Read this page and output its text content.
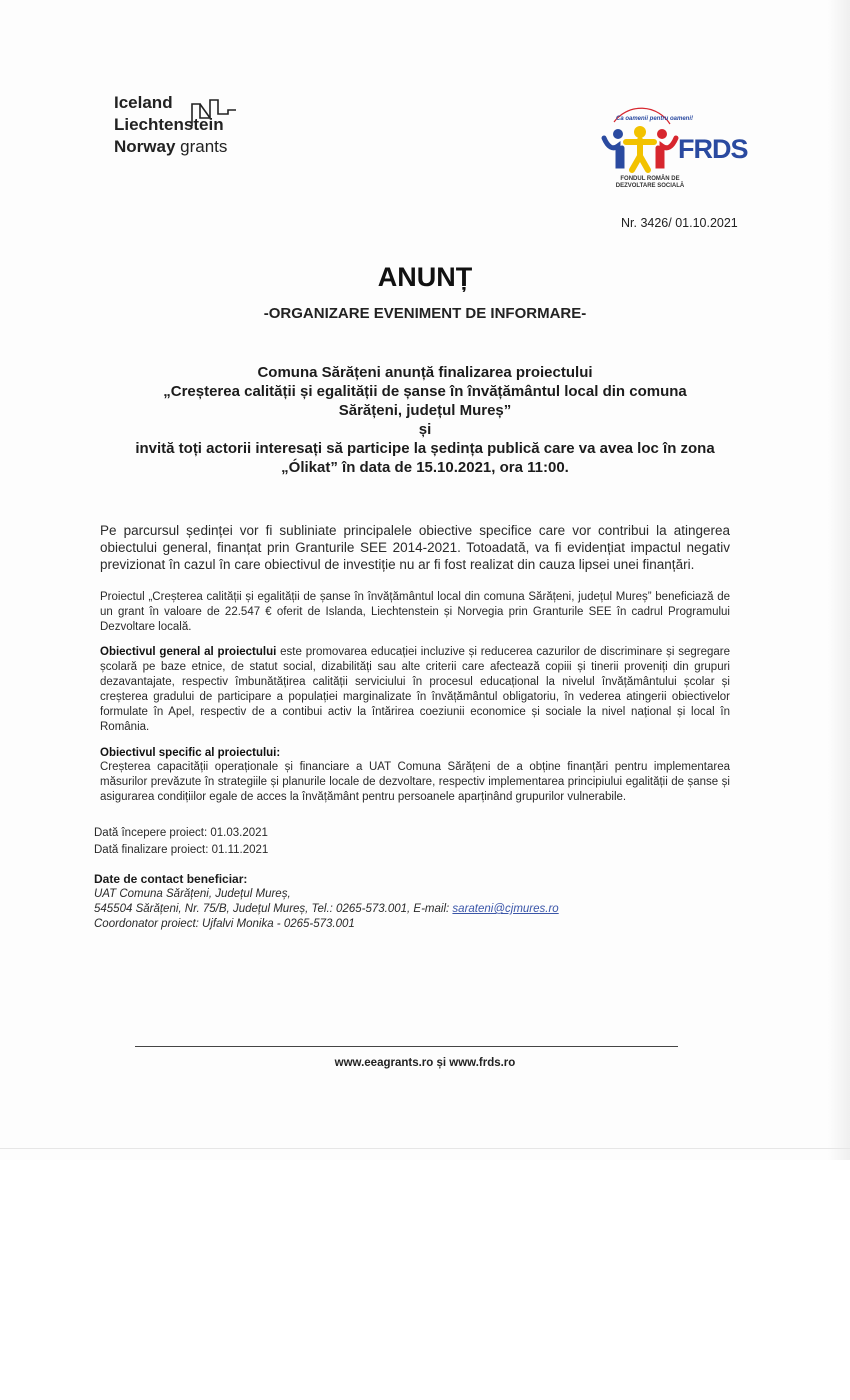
Iceland
Liechtenstein
Norway grants
Ca oamenii pentru oameni!
FRDS
FONDUL ROMÂN DE DEZVOLTARE SOCIALĂ
Nr. 3426/ 01.10.2021
ANUNȚ
-ORGANIZARE EVENIMENT DE INFORMARE-
Comuna Sărățeni anunță finalizarea proiectului
„Creșterea calității și egalității de șanse în învățământul local din comuna
Sărățeni, județul Mureș”
și
invită toți actorii interesați să participe la ședința publică care va avea loc în zona
„Ólikat” în data de 15.10.2021, ora 11:00.
Pe parcursul ședinței vor fi subliniate principalele obiective specifice care vor contribui la atingerea obiectului general, finanțat prin Granturile SEE 2014-2021. Totoadată, va fi evidențiat impactul negativ previzionat în cazul în care obiectivul de investiție nu ar fi fost realizat din cauza lipsei unei finanțări.
Proiectul „Creșterea calității și egalității de șanse în învățământul local din comuna Sărățeni, județul Mureș” beneficiază de un grant în valoare de 22.547 € oferit de Islanda, Liechtenstein și Norvegia prin Granturile SEE în cadrul Programului Dezvoltare locală.
Obiectivul general al proiectului este promovarea educației incluzive și reducerea cazurilor de discriminare și segregare școlară pe baze etnice, de statut social, dizabilități sau alte criterii care afectează copiii și tinerii proveniți din grupuri dezavantajate, respectiv îmbunătățirea calității serviciului în procesul educațional la nivelul învățământului școlar și creșterea gradului de participare a populației marginalizate în învățământul obligatoriu, în vederea atingerii obiectivelor formulate în Apel, respectiv de a contibui activ la întărirea coeziunii economice și sociale la nivel național și local în România.
Obiectivul specific al proiectului:
Creșterea capacității operaționale și financiare a UAT Comuna Sărățeni de a obține finanțări pentru implementarea măsurilor prevăzute în strategiile și planurile locale de dezvoltare, respectiv implementarea principiului egalității de șanse și asigurarea condițiilor egale de acces la învățământ pentru persoanele aparținând grupurilor vulnerabile.
Dată începere proiect: 01.03.2021
Dată finalizare proiect: 01.11.2021
Date de contact beneficiar:
UAT Comuna Sărățeni, Județul Mureș,
545504 Sărățeni, Nr. 75/B, Județul Mureș, Tel.: 0265-573.001, E-mail: sarateni@cjmures.ro
Coordonator proiect: Ujfalvi Monika - 0265-573.001
www.eeagrants.ro și www.frds.ro
